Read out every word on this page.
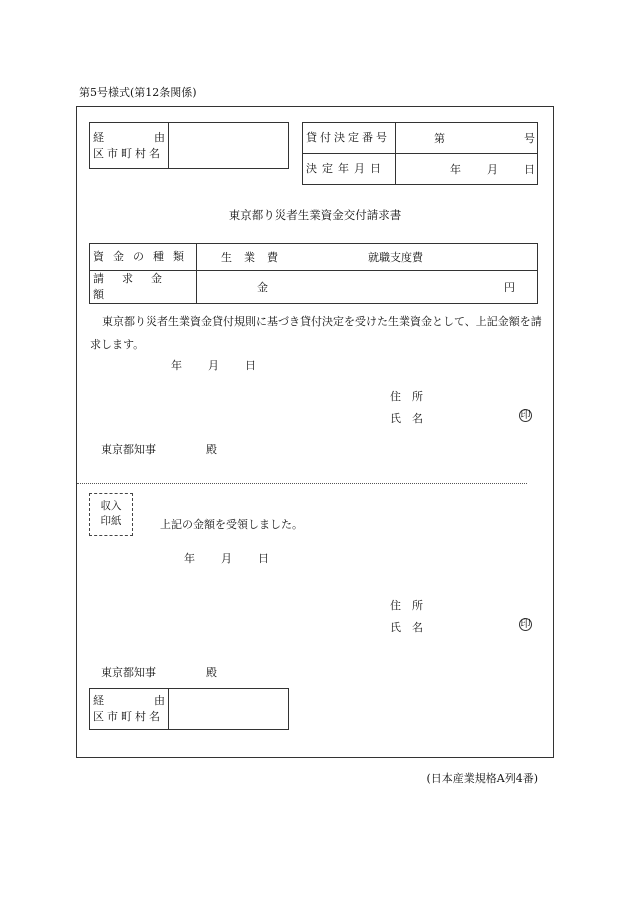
第5号様式(第12条関係)
経	由
区市町村名

貸付決定番号	第 号

決定年月日	年 月 日
東京都り災者生業資金交付請求書
資金の種類	生業費 就職支度費

請求金額	金 円
東京都り災者生業資金貸付規則に基づき貸付決定を受けた生業資金として、上記金額を請求します。
年 月 日
住　所
氏　名	印
東京都知事	殿
収入
印紙	上記の金額を受領しました。
年 月 日
住　所
氏　名	印
東京都知事	殿
経	由
区市町村名

(日本産業規格A列4番)
